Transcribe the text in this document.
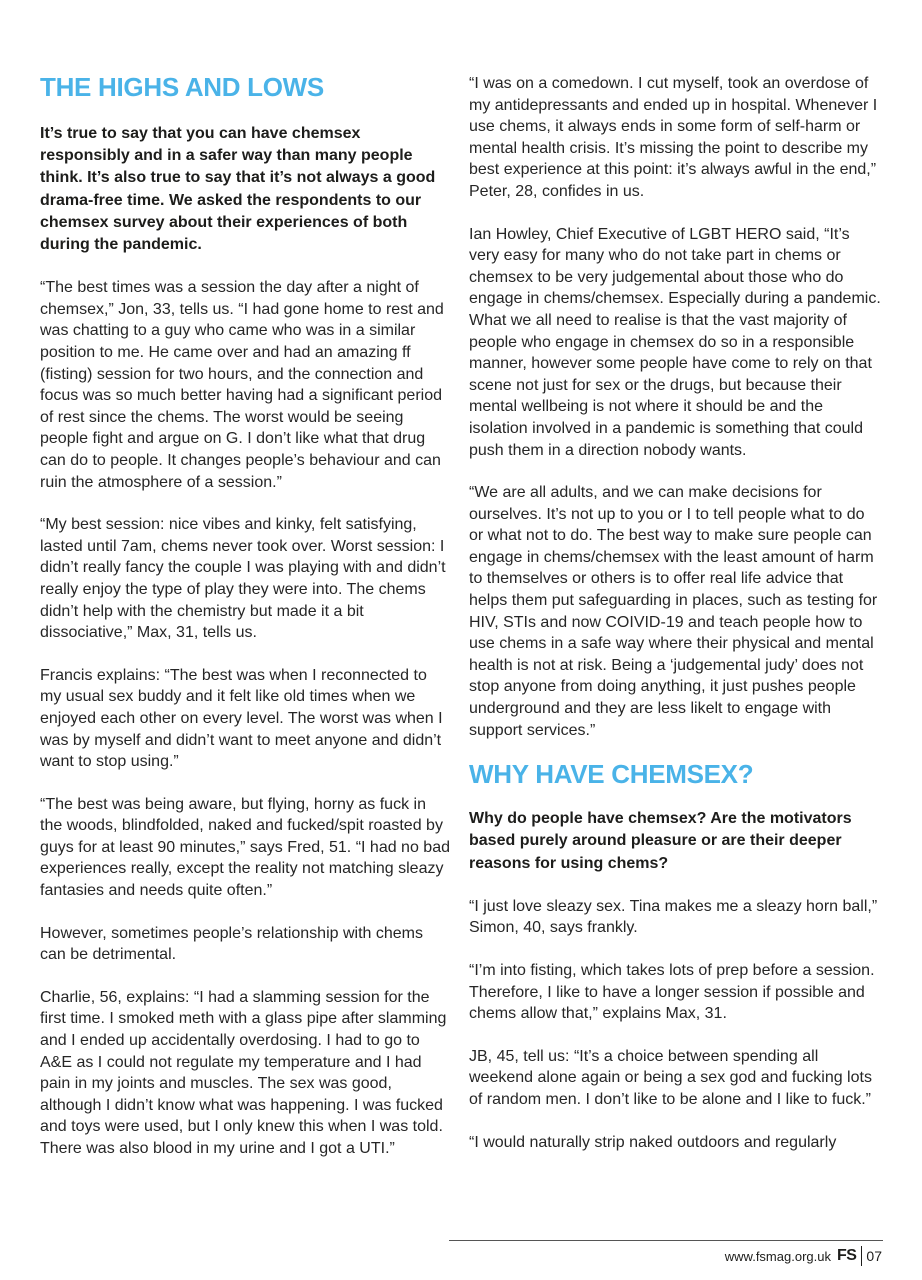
THE HIGHS AND LOWS

It’s true to say that you can have chemsex responsibly and in a safer way than many people think. It’s also true to say that it’s not always a good drama-free time. We asked the respondents to our chemsex survey about their experiences of both during the pandemic.

“The best times was a session the day after a night of chemsex,” Jon, 33, tells us. “I had gone home to rest and was chatting to a guy who came who was in a similar position to me. He came over and had an amazing ff (fisting) session for two hours, and the connection and focus was so much better having had a significant period of rest since the chems. The worst would be seeing people fight and argue on G. I don’t like what that drug can do to people. It changes people’s behaviour and can ruin the atmosphere of a session.”

“My best session: nice vibes and kinky, felt satisfying, lasted until 7am, chems never took over. Worst session: I didn’t really fancy the couple I was playing with and didn’t really enjoy the type of play they were into. The chems didn’t help with the chemistry but made it a bit dissociative,” Max, 31, tells us.

Francis explains: “The best was when I reconnected to my usual sex buddy and it felt like old times when we enjoyed each other on every level. The worst was when I was by myself and didn’t want to meet anyone and didn’t want to stop using.”

“The best was being aware, but flying, horny as fuck in the woods, blindfolded, naked and fucked/spit roasted by guys for at least 90 minutes,” says Fred, 51. “I had no bad experiences really, except the reality not matching sleazy fantasies and needs quite often.”

However, sometimes people’s relationship with chems can be detrimental.

Charlie, 56, explains: “I had a slamming session for the first time. I smoked meth with a glass pipe after slamming and I ended up accidentally overdosing. I had to go to A&E as I could not regulate my temperature and I had pain in my joints and muscles. The sex was good, although I didn’t know what was happening. I was fucked and toys were used, but I only knew this when I was told. There was also blood in my urine and I got a UTI.”

“I was on a comedown. I cut myself, took an overdose of my antidepressants and ended up in hospital. Whenever I use chems, it always ends in some form of self-harm or mental health crisis. It’s missing the point to describe my best experience at this point: it’s always awful in the end,” Peter, 28, confides in us.

Ian Howley, Chief Executive of LGBT HERO said, “It’s very easy for many who do not take part in chems or chemsex to be very judgemental about those who do engage in chems/chemsex. Especially during a pandemic. What we all need to realise is that the vast majority of people who engage in chemsex do so in a responsible manner, however some people have come to rely on that scene not just for sex or the drugs, but because their mental wellbeing is not where it should be and the isolation involved in a pandemic is something that could push them in a direction nobody wants.

“We are all adults, and we can make decisions for ourselves. It’s not up to you or I to tell people what to do or what not to do. The best way to make sure people can engage in chems/chemsex with the least amount of harm to themselves or others is to offer real life advice that helps them put safeguarding in places, such as testing for HIV, STIs and now COIVID-19 and teach people how to use chems in a safe way where their physical and mental health is not at risk. Being a ‘judgemental judy’ does not stop anyone from doing anything, it just pushes people underground and they are less likelt to engage with support services.”

WHY HAVE CHEMSEX?

Why do people have chemsex? Are the motivators based purely around pleasure or are their deeper reasons for using chems?

“I just love sleazy sex. Tina makes me a sleazy horn ball,” Simon, 40, says frankly.

“I’m into fisting, which takes lots of prep before a session. Therefore, I like to have a longer session if possible and chems allow that,” explains Max, 31.

JB, 45, tell us: “It’s a choice between spending all weekend alone again or being a sex god and fucking lots of random men. I don’t like to be alone and I like to fuck.”

“I would naturally strip naked outdoors and regularly

www.fsmag.org.uk FS 07
